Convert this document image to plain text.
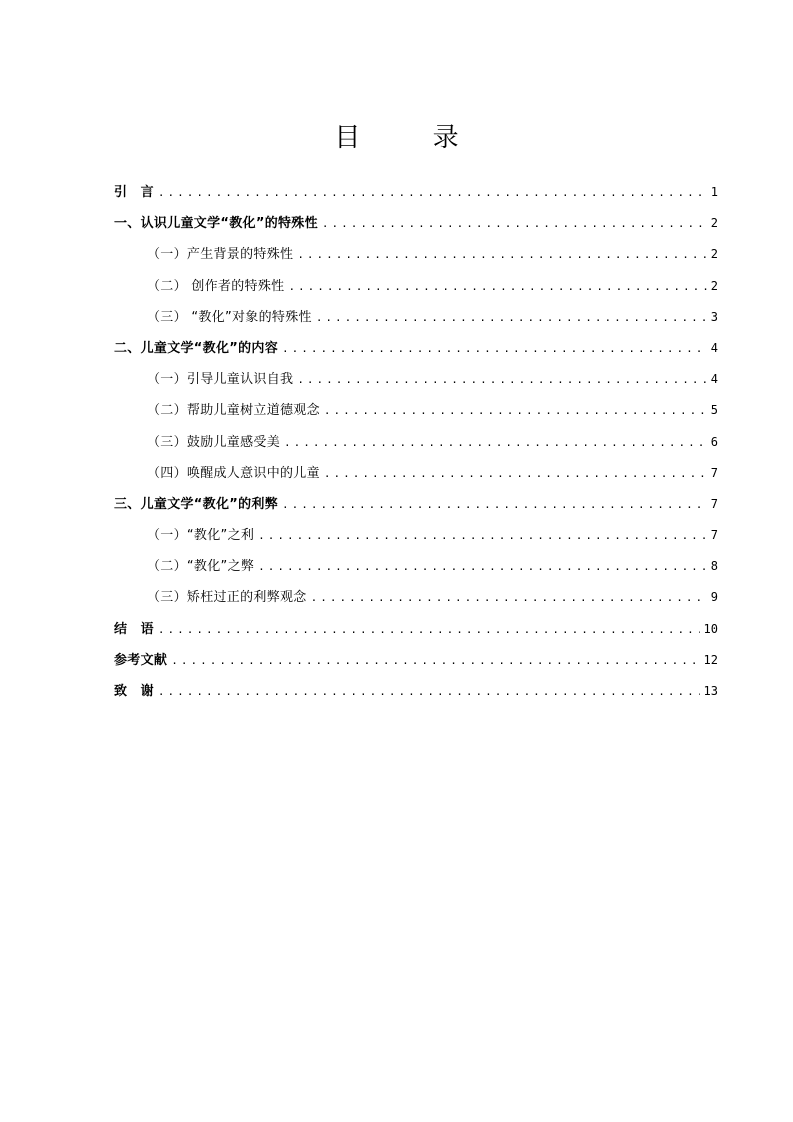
目 录
引　言 .....	1
一、认识儿童文学“教化”的特殊性 .....	2
（一）产生背景的特殊性 .....	2
（二） 创作者的特殊性 .....	2
（三） “教化”对象的特殊性 .....	3
二、儿童文学“教化”的内容 .....	4
（一）引导儿童认识自我 .....	4
（二）帮助儿童树立道德观念 .....	5
（三）鼓励儿童感受美 .....	6
（四）唤醒成人意识中的儿童 .....	7
三、儿童文学“教化”的利弊 .....	7
（一）“教化”之利 .....	7
（二）“教化”之弊 .....	8
（三）矫枉过正的利弊观念 .....	9
结　语 .....	10
参考文献 .....	12
致　谢 .....	13
